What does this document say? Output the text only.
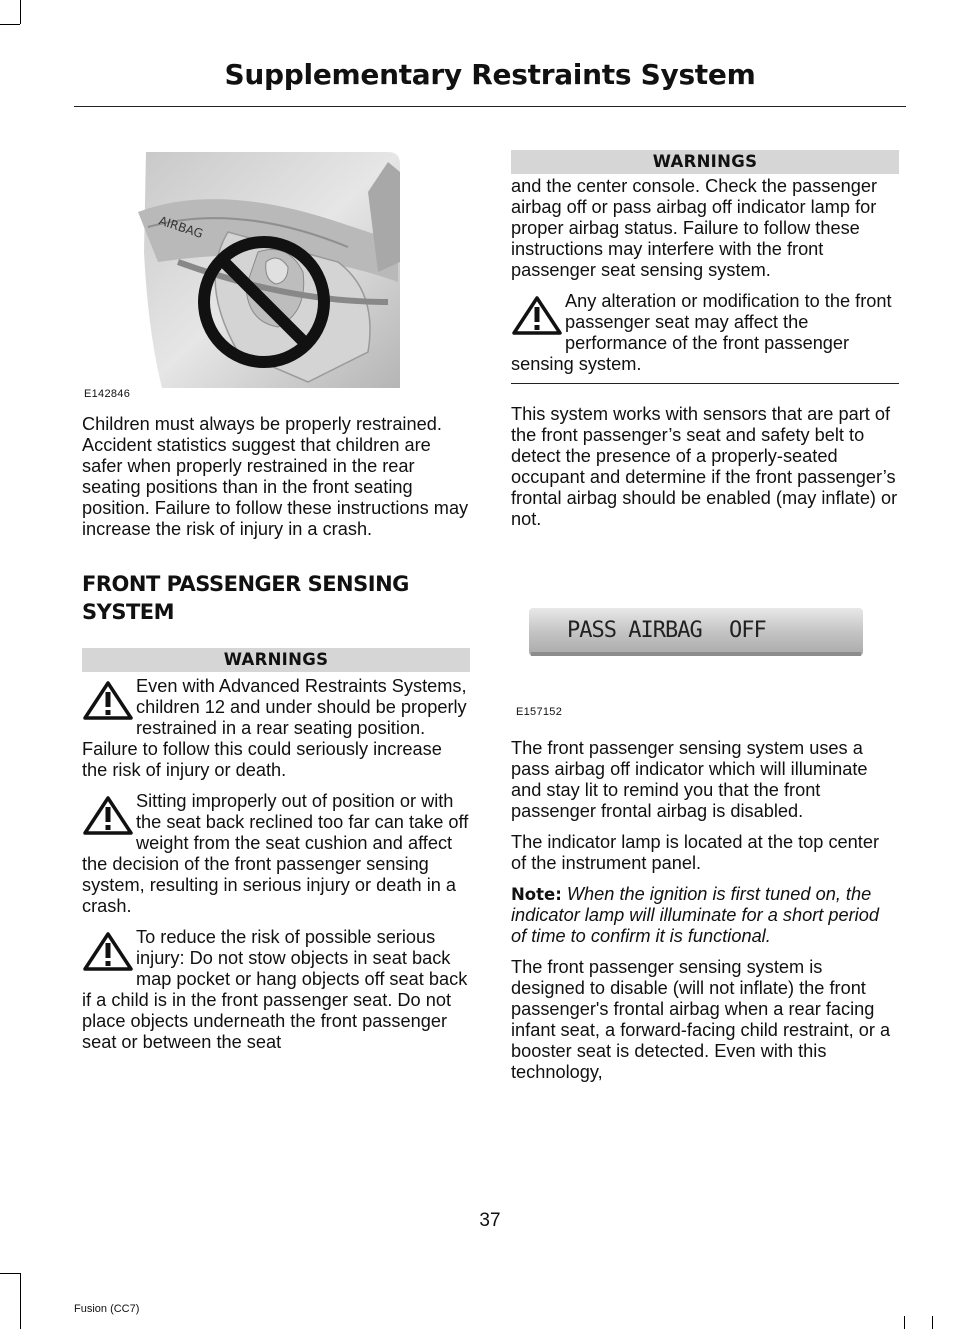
Supplementary Restraints System
AIRBAG
E142846

Children must always be properly restrained. Accident statistics suggest that children are safer when properly restrained in the rear seating positions than in the front seating position. Failure to follow these instructions may increase the risk of injury in a crash.

FRONT PASSENGER SENSING SYSTEM
WARNINGS

Even with Advanced Restraints Systems, children 12 and under should be properly restrained in a rear seating position. Failure to follow this could seriously increase the risk of injury or death.

Sitting improperly out of position or with the seat back reclined too far can take off weight from the seat cushion and affect the decision of the front passenger sensing system, resulting in serious injury or death in a crash.

To reduce the risk of possible serious injury: Do not stow objects in seat back map pocket or hang objects off seat back if a child is in the front passenger seat. Do not place objects underneath the front passenger seat or between the seat

WARNINGS

and the center console. Check the passenger airbag off or pass airbag off indicator lamp for proper airbag status. Failure to follow these instructions may interfere with the front passenger seat sensing system.

Any alteration or modification to the front passenger seat may affect the performance of the front passenger sensing system.

This system works with sensors that are part of the front passenger’s seat and safety belt to detect the presence of a properly-seated occupant and determine if the front passenger’s frontal airbag should be enabled (may inflate) or not.

PASS AIRBAG OFF
E157152

The front passenger sensing system uses a pass airbag off indicator which will illuminate and stay lit to remind you that the front passenger frontal airbag is disabled.

The indicator lamp is located at the top center of the instrument panel.

Note: When the ignition is first tuned on, the indicator lamp will illuminate for a short period of time to confirm it is functional.

The front passenger sensing system is designed to disable (will not inflate) the front passenger's frontal airbag when a rear facing infant seat, a forward-facing child restraint, or a booster seat is detected. Even with this technology,

37
Fusion (CC7)
